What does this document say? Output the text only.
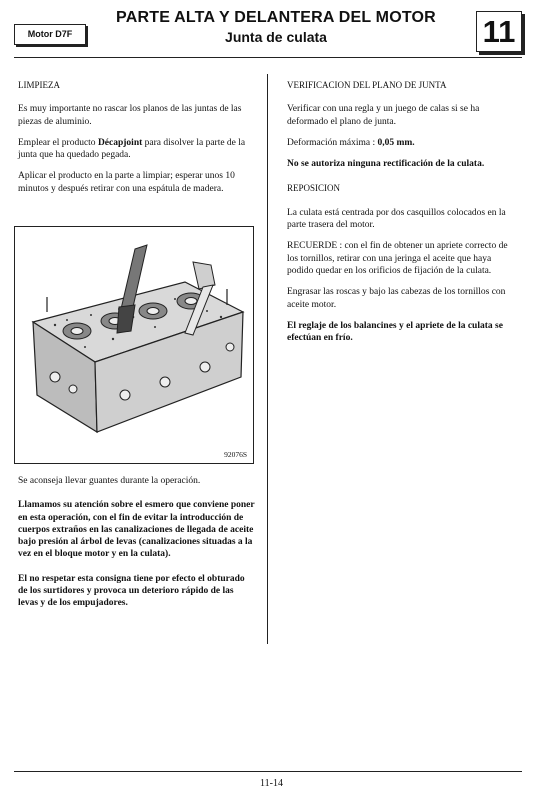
Motor D7F
PARTE ALTA Y DELANTERA DEL MOTOR
Junta de culata	11

LIMPIEZA

Es muy importante no rascar los planos de las juntas de las piezas de aluminio.

Emplear el producto Décapjoint para disolver la parte de la junta que ha quedado pegada.

Aplicar el producto en la parte a limpiar; esperar unos 10 minutos y después retirar con una espátula de madera.

92076S

Se aconseja llevar guantes durante la operación.

Llamamos su atención sobre el esmero que conviene poner en esta operación, con el fin de evitar la introducción de cuerpos extraños en las canalizaciones de llegada de aceite bajo presión al árbol de levas (canalizaciones situadas a la vez en el bloque motor y en la culata).

El no respetar esta consigna tiene por efecto el obturado de los surtidores y provoca un deterioro rápido de las levas y de los empujadores.

VERIFICACION DEL PLANO DE JUNTA

Verificar con una regla y un juego de calas si se ha deformado el plano de junta.

Deformación máxima : 0,05 mm.

No se autoriza ninguna rectificación de la culata.

REPOSICION

La culata está centrada por dos casquillos colocados en la parte trasera del motor.

RECUERDE : con el fin de obtener un apriete correcto de los tornillos, retirar con una jeringa el aceite que haya podido quedar en los orificios de fijación de la culata.

Engrasar las roscas y bajo las cabezas de los tornillos con aceite motor.

El reglaje de los balancines y el apriete de la culata se efectúan en frío.

11-14
